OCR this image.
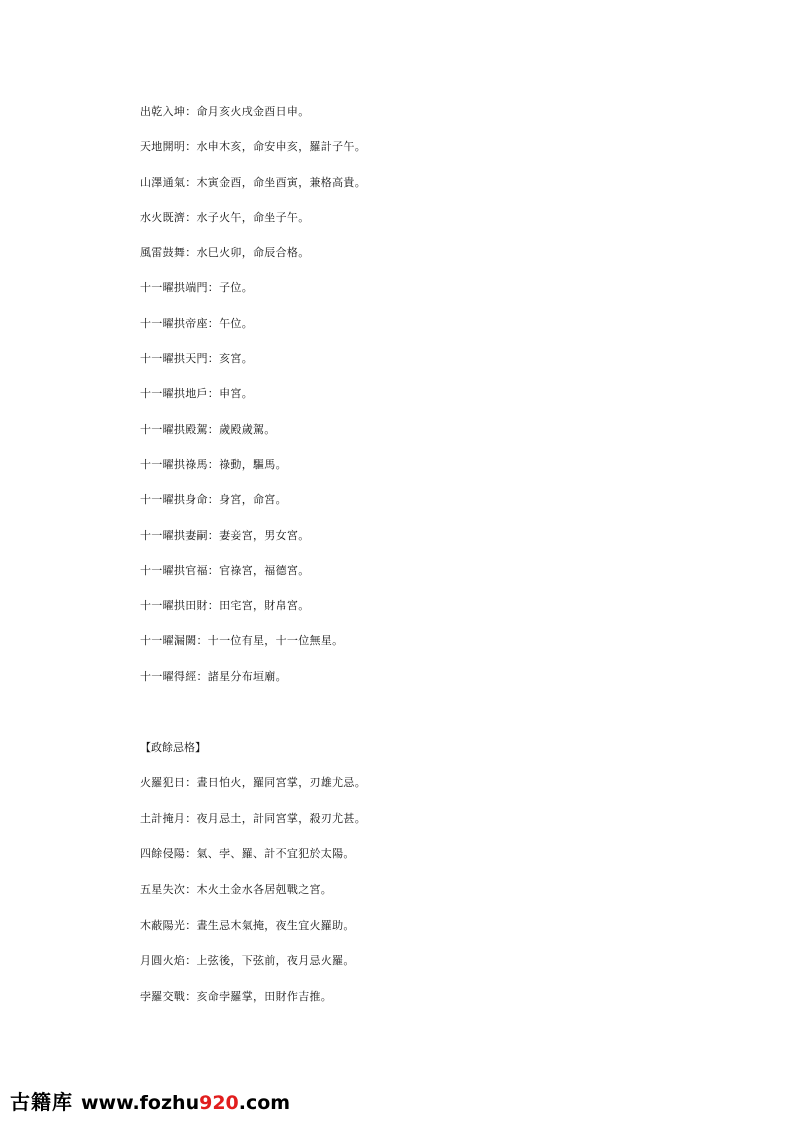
出乾入坤：命月亥火戌金酉日申。
天地開明：水申木亥，命安申亥，羅計子午。
山澤通氣：木寅金酉，命坐酉寅，兼格高貴。
水火既濟：水子火午，命坐子午。
風雷鼓舞：水巳火卯，命辰合格。
十一曜拱端門：子位。
十一曜拱帝座：午位。
十一曜拱天門：亥宮。
十一曜拱地戶：申宮。
十一曜拱殿駕：歲殿歲駕。
十一曜拱祿馬：祿動，驅馬。
十一曜拱身命：身宮，命宮。
十一曜拱妻嗣：妻妾宮，男女宮。
十一曜拱官福：官祿宮，福德宮。
十一曜拱田財：田宅宮，財帛宮。
十一曜漏闕：十一位有星，十一位無星。
十一曜得經：諸星分布垣廟。
【政餘忌格】
火羅犯日：晝日怕火，羅同宮掌，刃雄尤忌。
土計掩月：夜月忌土，計同宮掌，殺刃尤甚。
四餘侵陽：氣、孛、羅、計不宜犯於太陽。
五星失次：木火土金水各居剋戰之宮。
木蔽陽光：晝生忌木氣掩，夜生宜火羅助。
月圓火焰：上弦後，下弦前，夜月忌火羅。
孛羅交戰：亥命孛羅掌，田財作吉推。
古籍库 www.fozhu920.com
